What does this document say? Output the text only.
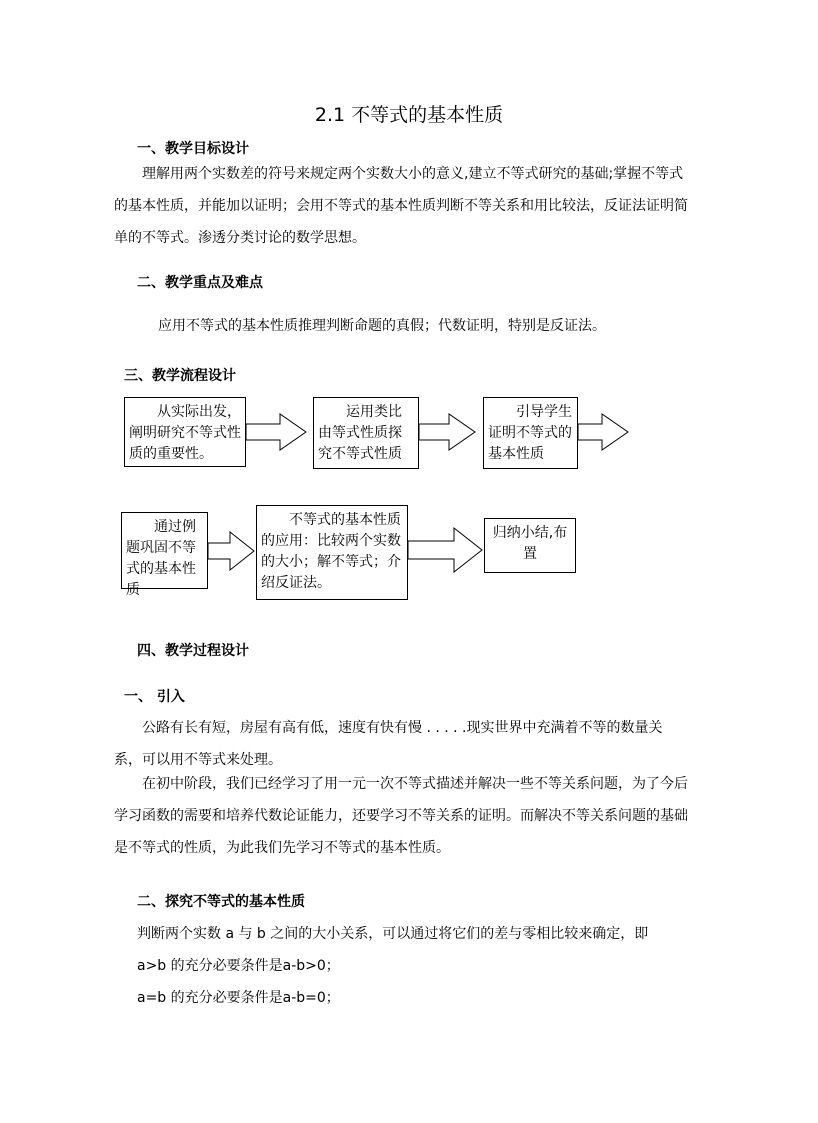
2.1 不等式的基本性质
一、教学目标设计
理解用两个实数差的符号来规定两个实数大小的意义,建立不等式研究的基础;掌握不等式的基本性质，并能加以证明；会用不等式的基本性质判断不等关系和用比较法，反证法证明简单的不等式。渗透分类讨论的数学思想。
二、教学重点及难点
应用不等式的基本性质推理判断命题的真假；代数证明，特别是反证法。
三、教学流程设计
从实际出发，阐明研究不等式性质的重要性。
运用类比由等式性质探究不等式性质
引导学生证明不等式的基本性质
通过例题巩固不等式的基本性质
不等式的基本性质的应用：比较两个实数的大小；解不等式；介绍反证法。
归纳小结,布置
四、教学过程设计
一、 引入
公路有长有短，房屋有高有低，速度有快有慢 . . . . .现实世界中充满着不等的数量关系，可以用不等式来处理。
在初中阶段，我们已经学习了用一元一次不等式描述并解决一些不等关系问题，为了今后学习函数的需要和培养代数论证能力，还要学习不等关系的证明。而解决不等关系问题的基础是不等式的性质，为此我们先学习不等式的基本性质。
二、探究不等式的基本性质
判断两个实数 a 与 b 之间的大小关系，可以通过将它们的差与零相比较来确定，即
a>b 的充分必要条件是a-b>0；
a=b 的充分必要条件是a-b=0；
